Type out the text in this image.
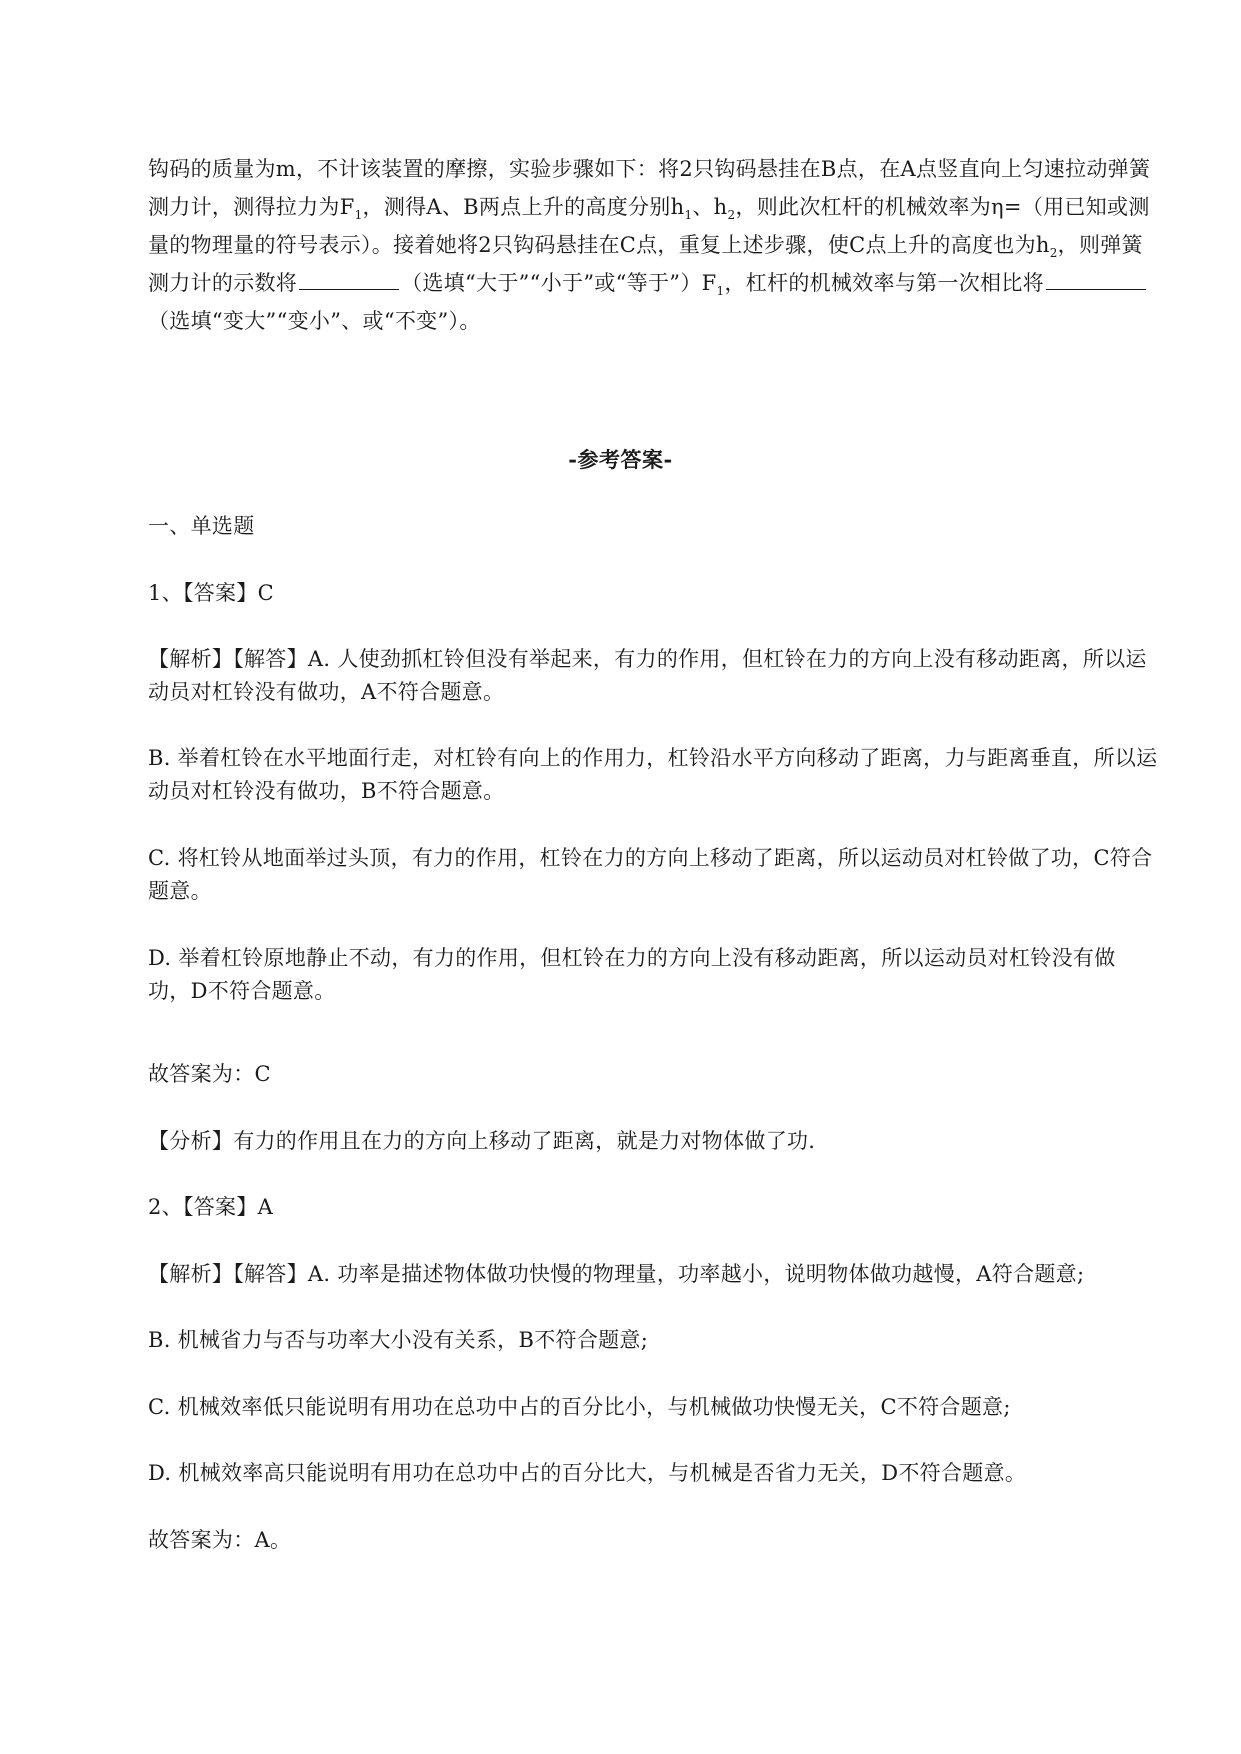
钩码的质量为m，不计该装置的摩擦，实验步骤如下：将2只钩码悬挂在B点，在A点竖直向上匀速拉动弹簧测力计，测得拉力为$F_1$，测得A、B两点上升的高度分别$h_1$、$h_2$，则此次杠杆的机械效率为η=（用已知或测量的物理量的符号表示）。接着她将2只钩码悬挂在C点，重复上述步骤，使C点上升的高度也为$h_2$，则弹簧测力计的示数将	（选填“大于”“小于”或“等于$”)F_1$，杠杆的机械效率与第一次相比将（选填“变大”“变小”、或“不变”）。

-参考答案-

一、单选题

1、【答案】C

【解析】【解答】A. 人使劲抓杠铃但没有举起来，有力的作用，但杠铃在力的方向上没有移动距离，所以运动员对杠铃没有做功，A不符合题意。

B. 举着杠铃在水平地面行走，对杠铃有向上的作用力，杠铃沿水平方向移动了距离，力与距离垂直，所以运动员对杠铃没有做功，B不符合题意。

C. 将杠铃从地面举过头顶，有力的作用，杠铃在力的方向上移动了距离，所以运动员对杠铃做了功，C符合题意。

D. 举着杠铃原地静止不动，有力的作用，但杠铃在力的方向上没有移动距离，所以运动员对杠铃没有做功，D不符合题意。

故答案为：C

【分析】有力的作用且在力的方向上移动了距离，就是力对物体做了功.

2、【答案】A

【解析】【解答】A. 功率是描述物体做功快慢的物理量，功率越小，说明物体做功越慢，A符合题意;

B. 机械省力与否与功率大小没有关系，B不符合题意;

C. 机械效率低只能说明有用功在总功中占的百分比小，与机械做功快慢无关，C不符合题意;

D. 机械效率高只能说明有用功在总功中占的百分比大，与机械是否省力无关，D不符合题意。

故答案为：A。
